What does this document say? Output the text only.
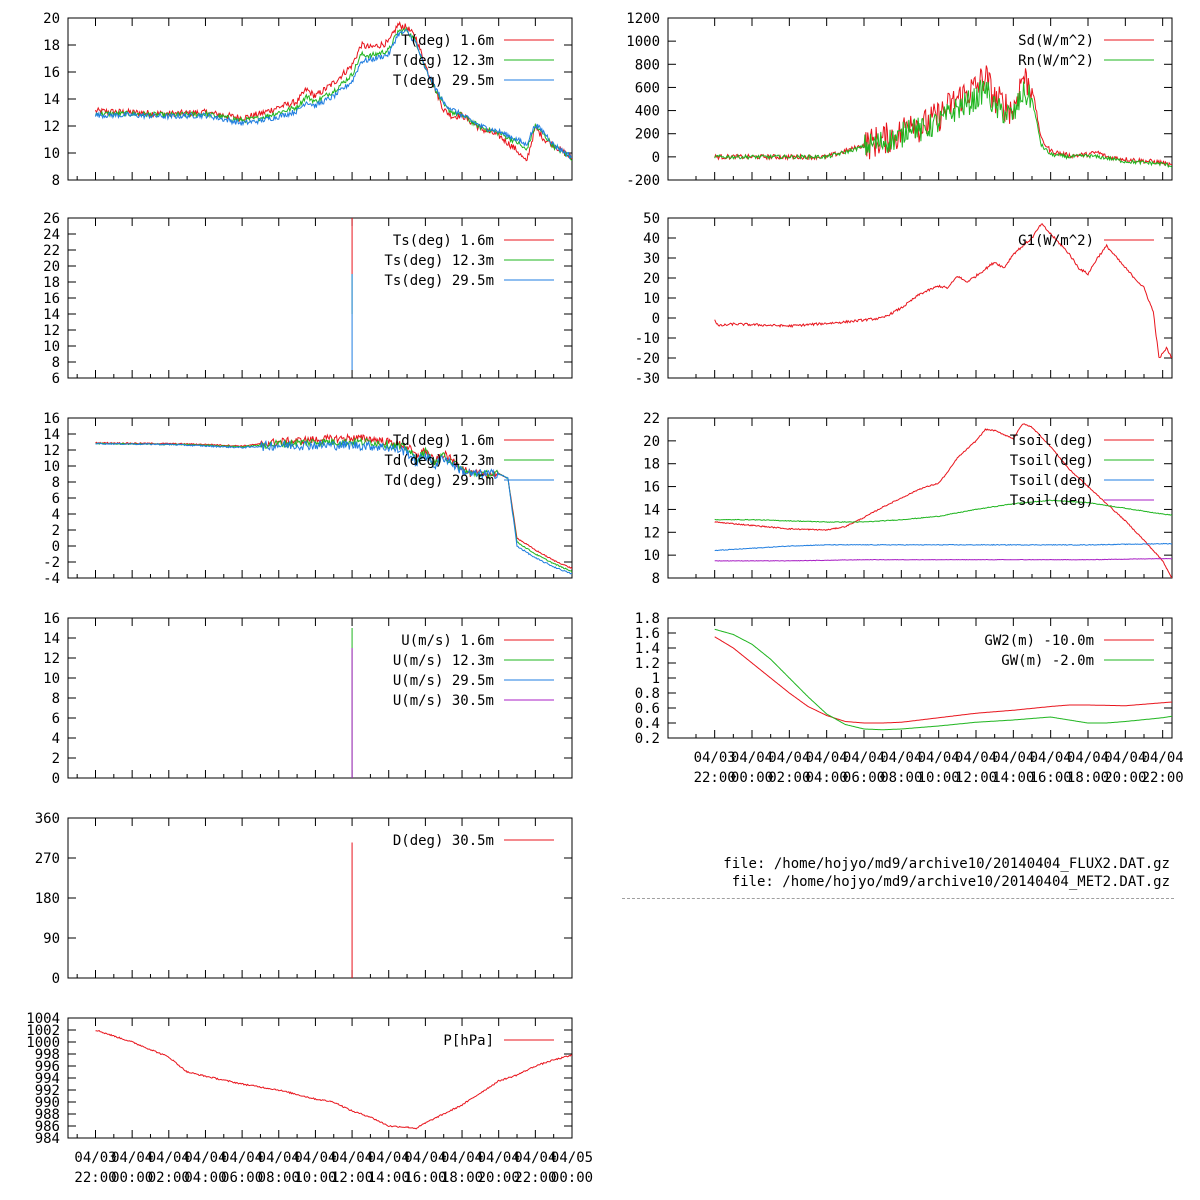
file: /home/hojyo/md9/archive10/20140404_FLUX2.DAT.gz
file: /home/hojyo/md9/archive10/20140404_MET2.DAT.gz
8
10
12
14
16
18
20
T(deg) 1.6m
T(deg) 12.3m
T(deg) 29.5m
-200
0
200
400
600
800
1000
1200
Sd(W/m^2)
Rn(W/m^2)
6
8
10
12
14
16
18
20
22
24
26
Ts(deg) 1.6m
Ts(deg) 12.3m
Ts(deg) 29.5m
-30
-20
-10
0
10
20
30
40
50
G1(W/m^2)
-4
-2
0
2
4
6
8
10
12
14
16
Td(deg) 1.6m
Td(deg) 12.3m
Td(deg) 29.5m
8
10
12
14
16
18
20
22
Tsoil(deg)
Tsoil(deg)
Tsoil(deg)
Tsoil(deg)
0
2
4
6
8
10
12
14
16
U(m/s) 1.6m
U(m/s) 12.3m
U(m/s) 29.5m
U(m/s) 30.5m
0.2
0.4
0.6
0.8
1
1.2
1.4
1.6
1.8
04/03
22:00
04/04
00:00
04/04
02:00
04/04
04:00
04/04
06:00
04/04
08:00
04/04
10:00
04/04
12:00
04/04
14:00
04/04
16:00
04/04
18:00
04/04
20:00
04/04
22:00
GW2(m) -10.0m
GW(m) -2.0m
0
90
180
270
360
D(deg) 30.5m
984
986
988
990
992
994
996
998
1000
1002
1004
04/03
22:00
04/04
00:00
04/04
02:00
04/04
04:00
04/04
06:00
04/04
08:00
04/04
10:00
04/04
12:00
04/04
14:00
04/04
16:00
04/04
18:00
04/04
20:00
04/04
22:00
04/05
00:00
P[hPa]
